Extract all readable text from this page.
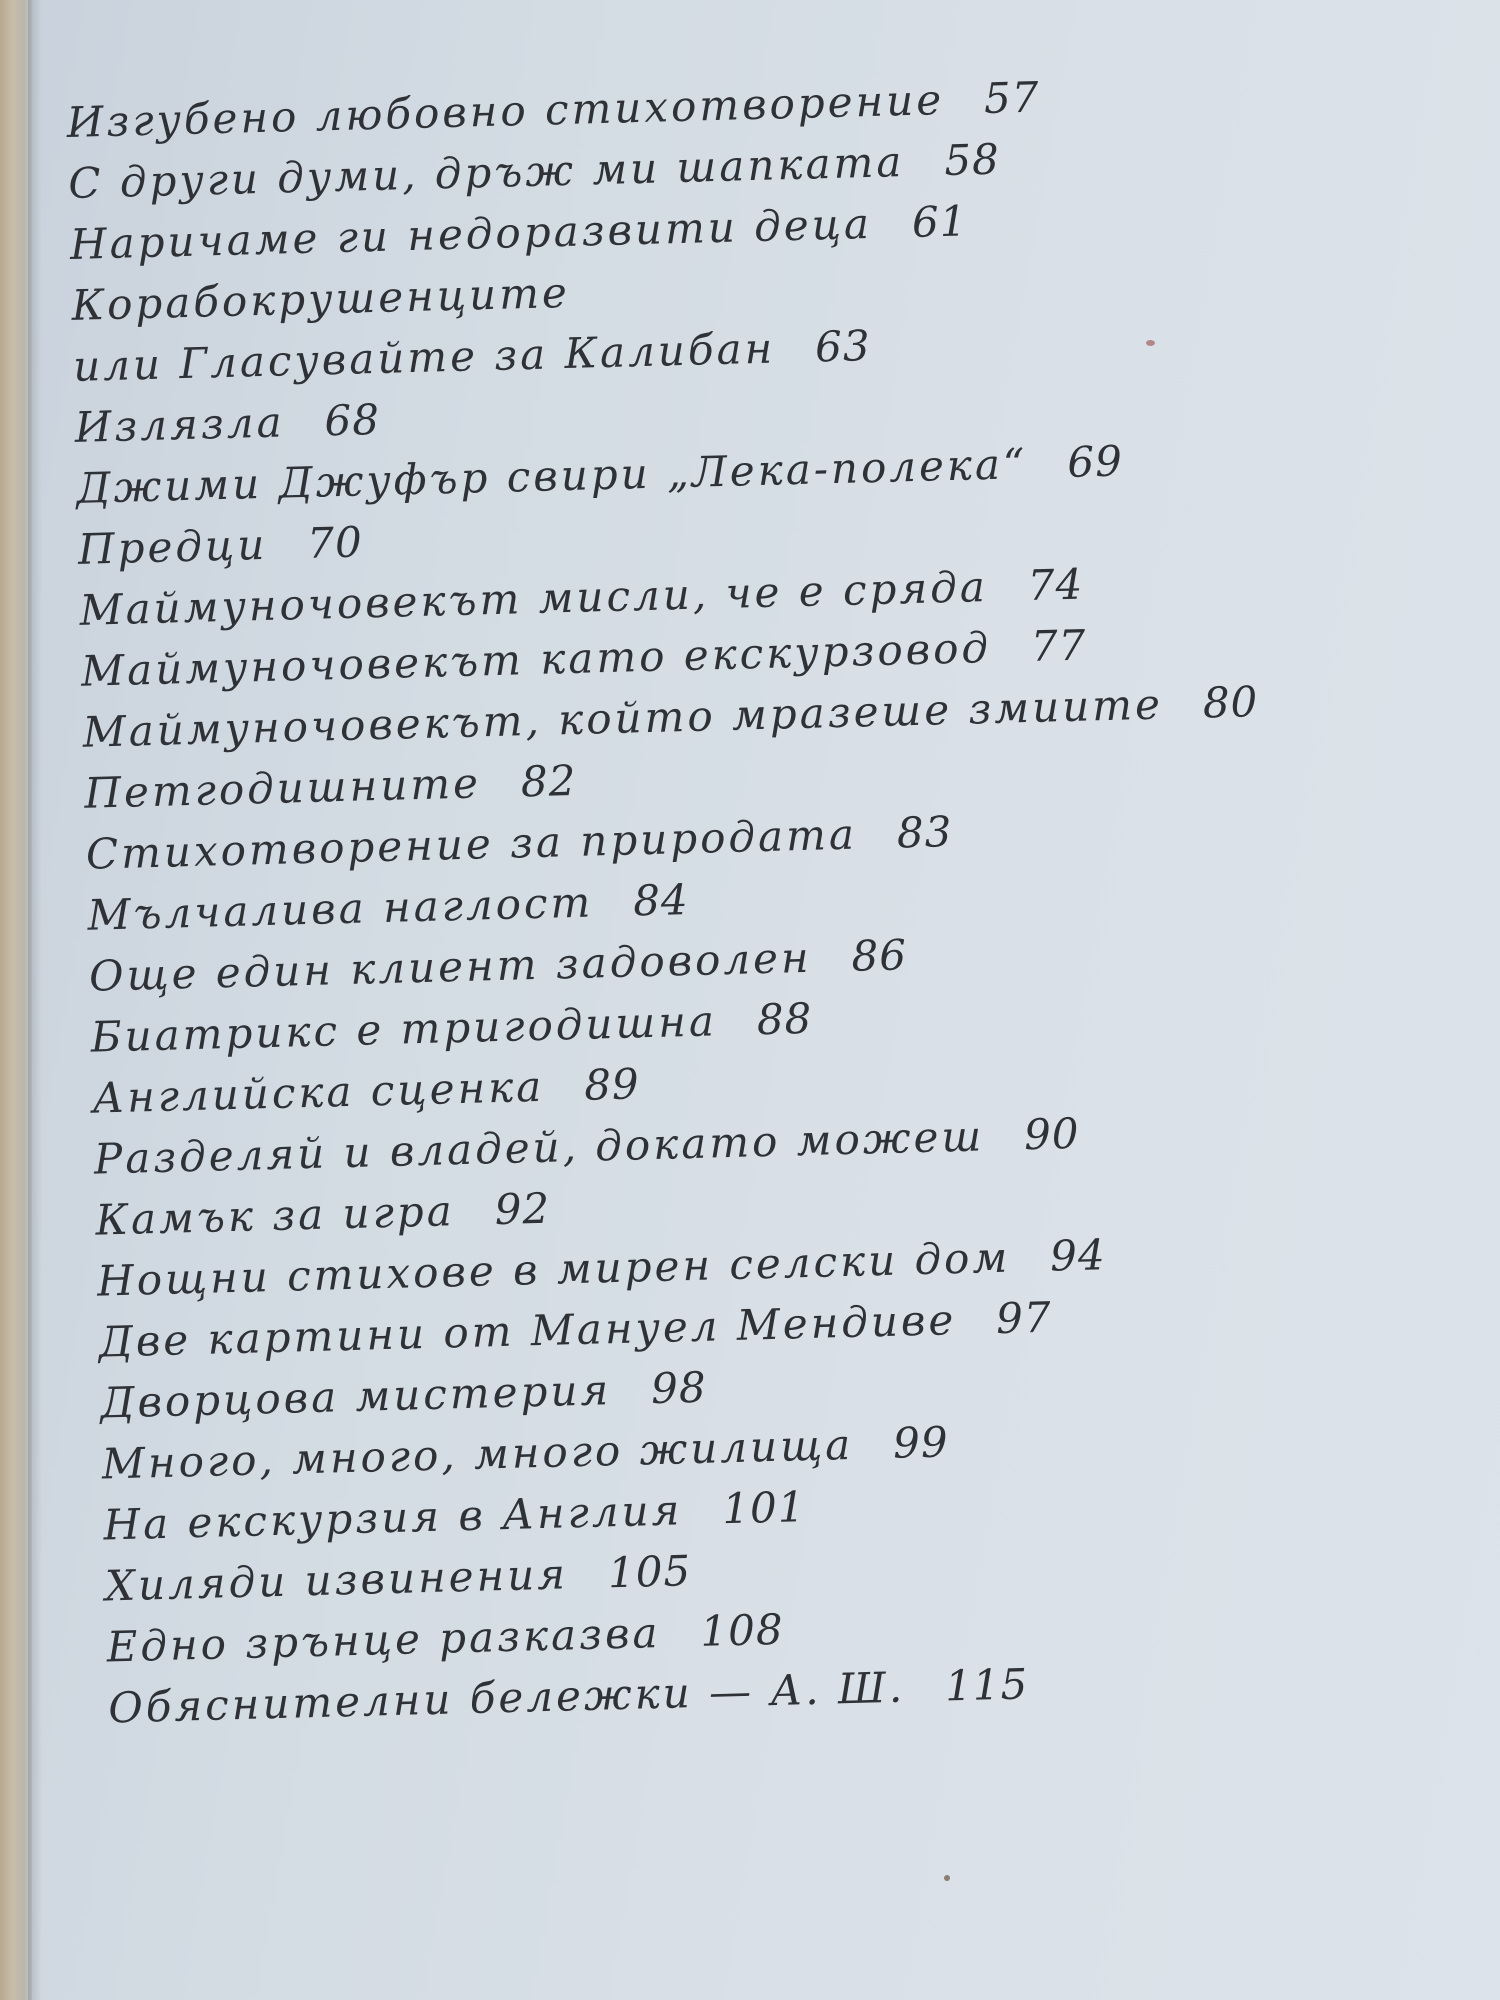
Изгубено любовно стихотворение 57
С други думи, дръж ми шапката 58
Наричаме ги недоразвити деца 61
Корабокрушенците
или Гласувайте за Калибан 63
Излязла 68
Джими Джуфър свири „Лека-полека“ 69
Предци 70
Маймуночовекът мисли, че е сряда 74
Маймуночовекът като екскурзовод 77
Маймуночовекът, който мразеше змиите 80
Петгодишните 82
Стихотворение за природата 83
Мълчалива наглост 84
Още един клиент задоволен 86
Биатрикс е тригодишна 88
Английска сценка 89
Разделяй и владей, докато можеш 90
Камък за игра 92
Нощни стихове в мирен селски дом 94
Две картини от Мануел Мендиве 97
Дворцова мистерия 98
Много, много, много жилища 99
На екскурзия в Англия 101
Хиляди извинения 105
Едно зрънце разказва 108
Обяснителни бележки — А. Ш. 115
